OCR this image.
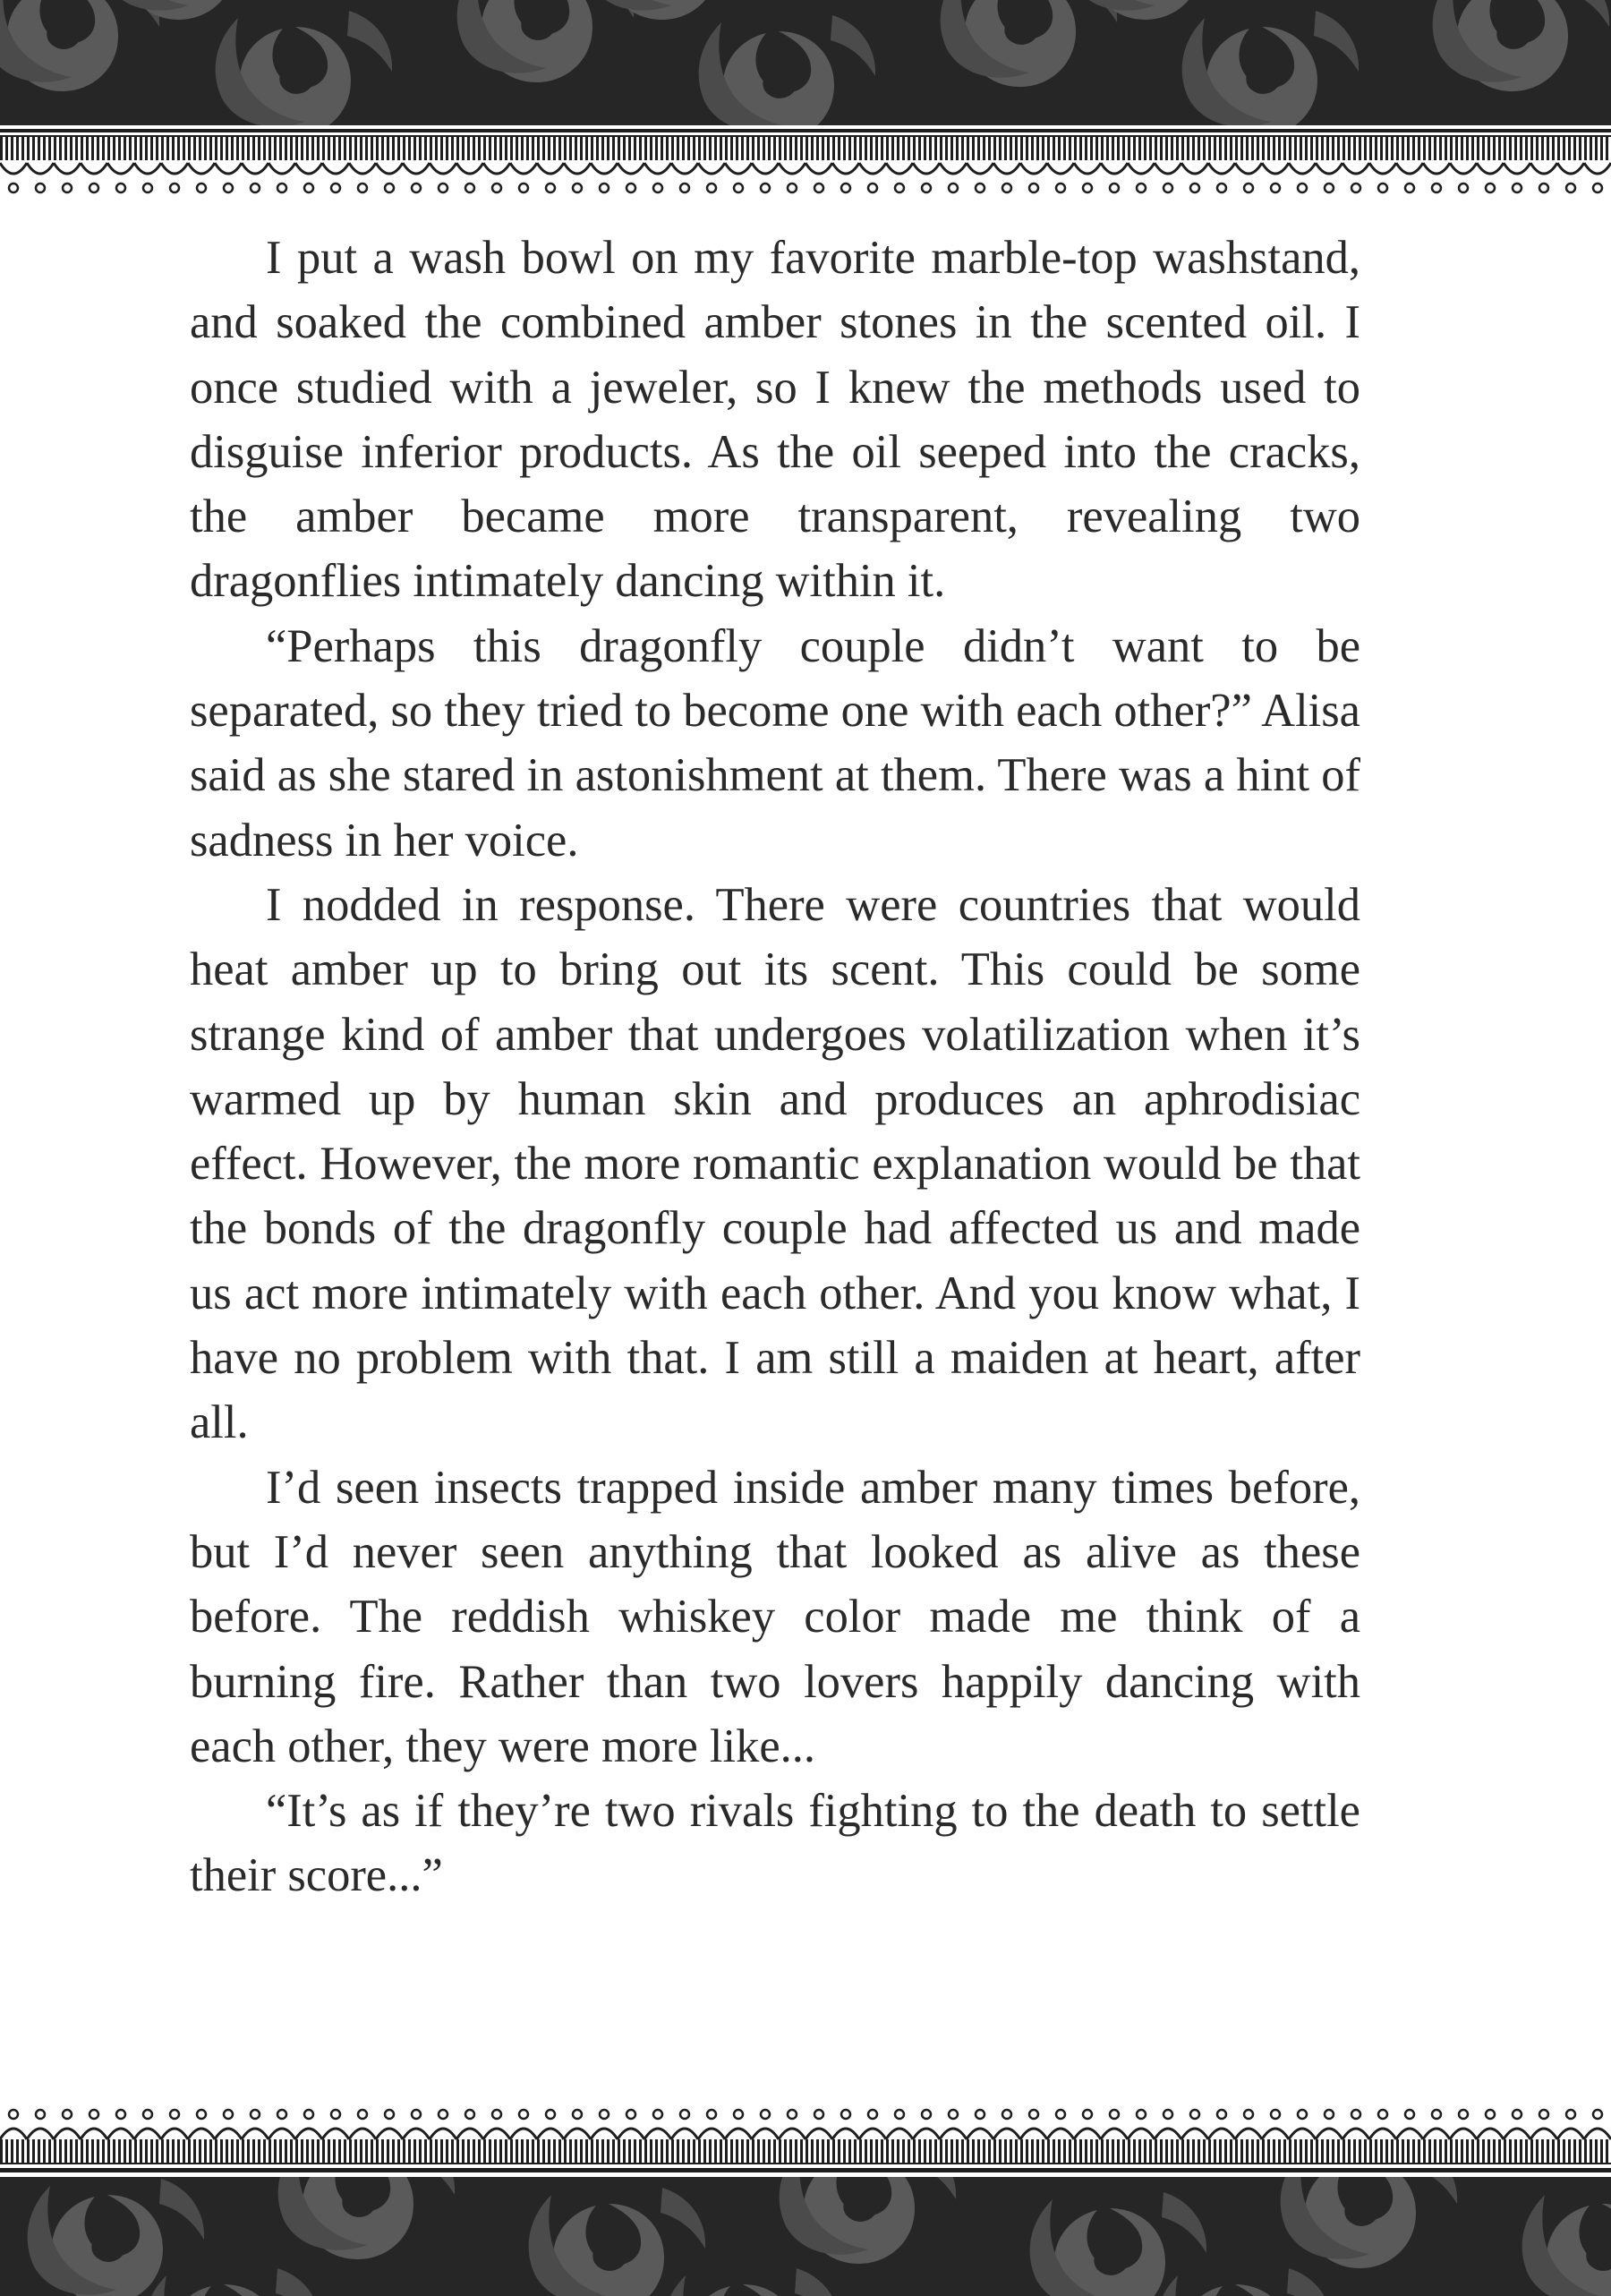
I put a wash bowl on my favorite marble-top washstand, and soaked the combined amber stones in the scented oil. I once studied with a jeweler, so I knew the methods used to disguise inferior products. As the oil seeped into the cracks, the amber became more transparent, revealing two dragonflies intimately dancing within it.

“Perhaps this dragonfly couple didn’t want to be separated, so they tried to become one with each other?” Alisa said as she stared in astonishment at them. There was a hint of sadness in her voice.

I nodded in response. There were countries that would heat amber up to bring out its scent. This could be some strange kind of amber that undergoes volatilization when it’s warmed up by human skin and produces an aphrodisiac effect. However, the more romantic explanation would be that the bonds of the dragonfly couple had affected us and made us act more intimately with each other. And you know what, I have no problem with that. I am still a maiden at heart, after all.

I’d seen insects trapped inside amber many times before, but I’d never seen anything that looked as alive as these before. The reddish whiskey color made me think of a burning fire. Rather than two lovers happily dancing with each other, they were more like...

“It’s as if they’re two rivals fighting to the death to settle their score...”
